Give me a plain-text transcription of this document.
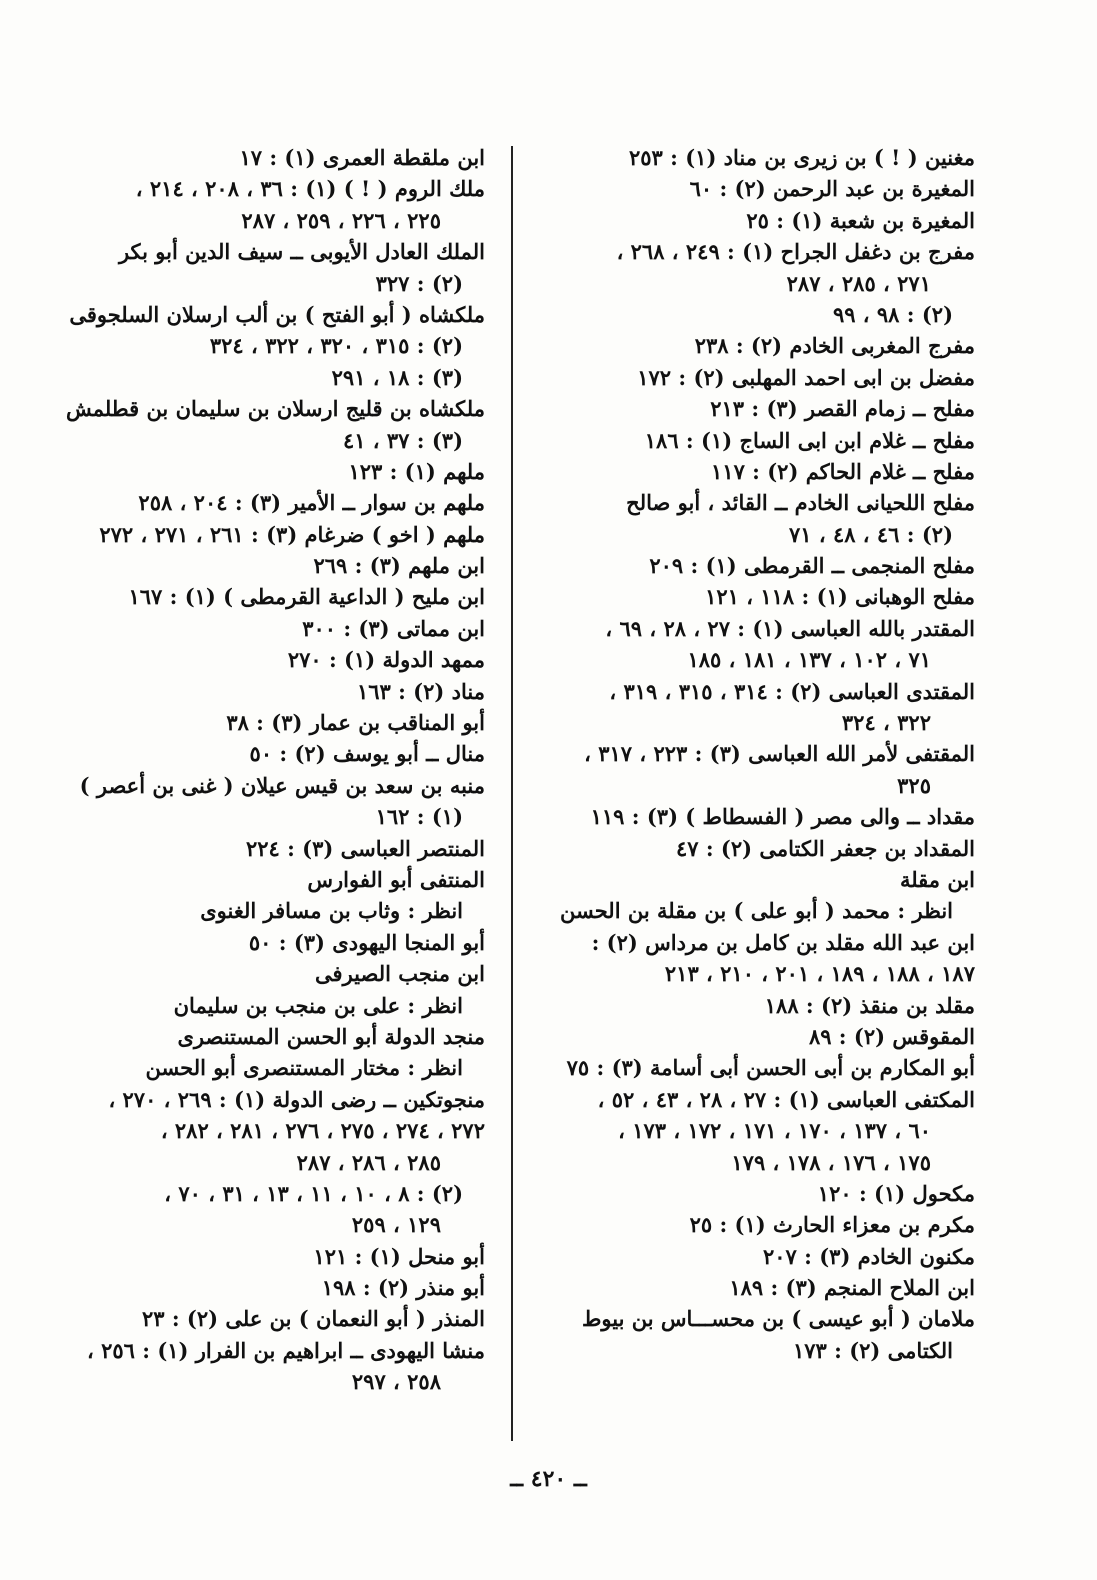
مغنين ( ! ) بن زيرى بن مناد (١) : ٢٥٣
المغيرة بن عبد الرحمن (٢) : ٦٠
المغيرة بن شعبة (١) : ٢٥
مفرج بن دغفل الجراح (١) : ٢٤٩ ، ٢٦٨ ،
٢٧١ ، ٢٨٥ ، ٢٨٧
(٢) : ٩٨ ، ٩٩
مفرج المغربى الخادم (٢) : ٢٣٨
مفضل بن ابى احمد المهلبى (٢) : ١٧٢
مفلح ــ زمام القصر (٣) : ٢١٣
مفلح ــ غلام ابن ابى الساج (١) : ١٨٦
مفلح ــ غلام الحاكم (٢) : ١١٧
مفلح اللحيانى الخادم ــ القائد ، أبو صالح
(٢) : ٤٦ ، ٤٨ ، ٧١
مفلح المنجمى ــ القرمطى (١) : ٢٠٩
مفلح الوهبانى (١) : ١١٨ ، ١٢١
المقتدر بالله العباسى (١) : ٢٧ ، ٢٨ ، ٦٩ ،
٧١ ، ١٠٢ ، ١٣٧ ، ١٨١ ، ١٨٥
المقتدى العباسى (٢) : ٣١٤ ، ٣١٥ ، ٣١٩ ،
٣٢٢ ، ٣٢٤
المقتفى لأمر الله العباسى (٣) : ٢٢٣ ، ٣١٧ ،
٣٢٥
مقداد ــ والى مصر ( الفسطاط ) (٣) : ١١٩
المقداد بن جعفر الكتامى (٢) : ٤٧
ابن مقلة
انظر : محمد ( أبو على ) بن مقلة بن الحسن
ابن عبد الله مقلد بن كامل بن مرداس (٢) :
١٨٧ ، ١٨٨ ، ١٨٩ ، ٢٠١ ، ٢١٠ ، ٢١٣
مقلد بن منقذ (٢) : ١٨٨
المقوقس (٢) : ٨٩
أبو المكارم بن أبى الحسن أبى أسامة (٣) : ٧٥
المكتفى العباسى (١) : ٢٧ ، ٢٨ ، ٤٣ ، ٥٢ ،
٦٠ ، ١٣٧ ، ١٧٠ ، ١٧١ ، ١٧٢ ، ١٧٣ ،
١٧٥ ، ١٧٦ ، ١٧٨ ، ١٧٩
مكحول (١) : ١٢٠
مكرم بن معزاء الحارث (١) : ٢٥
مكنون الخادم (٣) : ٢٠٧
ابن الملاح المنجم (٣) : ١٨٩
ملامان ( أبو عيسى ) بن محســـاس بن بيوط
الكتامى (٢) : ١٧٣
ابن ملقطة العمرى (١) : ١٧
ملك الروم ( ! ) (١) : ٣٦ ، ٢٠٨ ، ٢١٤ ،
٢٢٥ ، ٢٢٦ ، ٢٥٩ ، ٢٨٧
الملك العادل الأيوبى ــ سيف الدين أبو بكر
(٢) : ٣٢٧
ملكشاه ( أبو الفتح ) بن ألب ارسلان السلجوقى
(٢) : ٣١٥ ، ٣٢٠ ، ٣٢٢ ، ٣٢٤
(٣) : ١٨ ، ٢٩١
ملكشاه بن قليج ارسلان بن سليمان بن قطلمش
(٣) : ٣٧ ، ٤١
ملهم (١) : ١٢٣
ملهم بن سوار ــ الأمير (٣) : ٢٠٤ ، ٢٥٨
ملهم ( اخو ) ضرغام (٣) : ٢٦١ ، ٢٧١ ، ٢٧٢
ابن ملهم (٣) : ٢٦٩
ابن مليح ( الداعية القرمطى ) (١) : ١٦٧
ابن مماتى (٣) : ٣٠٠
ممهد الدولة (١) : ٢٧٠
مناد (٢) : ١٦٣
أبو المناقب بن عمار (٣) : ٣٨
منال ــ أبو يوسف (٢) : ٥٠
منبه بن سعد بن قيس عيلان ( غنى بن أعصر )
(١) : ١٦٢
المنتصر العباسى (٣) : ٢٢٤
المنتفى أبو الفوارس
انظر : وثاب بن مسافر الغنوى
أبو المنجا اليهودى (٣) : ٥٠
ابن منجب الصيرفى
انظر : على بن منجب بن سليمان
منجد الدولة أبو الحسن المستنصرى
انظر : مختار المستنصرى أبو الحسن
منجوتكين ــ رضى الدولة (١) : ٢٦٩ ، ٢٧٠ ،
٢٧٢ ، ٢٧٤ ، ٢٧٥ ، ٢٧٦ ، ٢٨١ ، ٢٨٢ ،
٢٨٥ ، ٢٨٦ ، ٢٨٧
(٢) : ٨ ، ١٠ ، ١١ ، ١٣ ، ٣١ ، ٧٠ ،
١٢٩ ، ٢٥٩
أبو منحل (١) : ١٢١
أبو منذر (٢) : ١٩٨
المنذر ( أبو النعمان ) بن على (٢) : ٢٣
منشا اليهودى ــ ابراهيم بن الفرار (١) : ٢٥٦ ،
٢٥٨ ، ٢٩٧
ــ ٤٢٠ ــ
